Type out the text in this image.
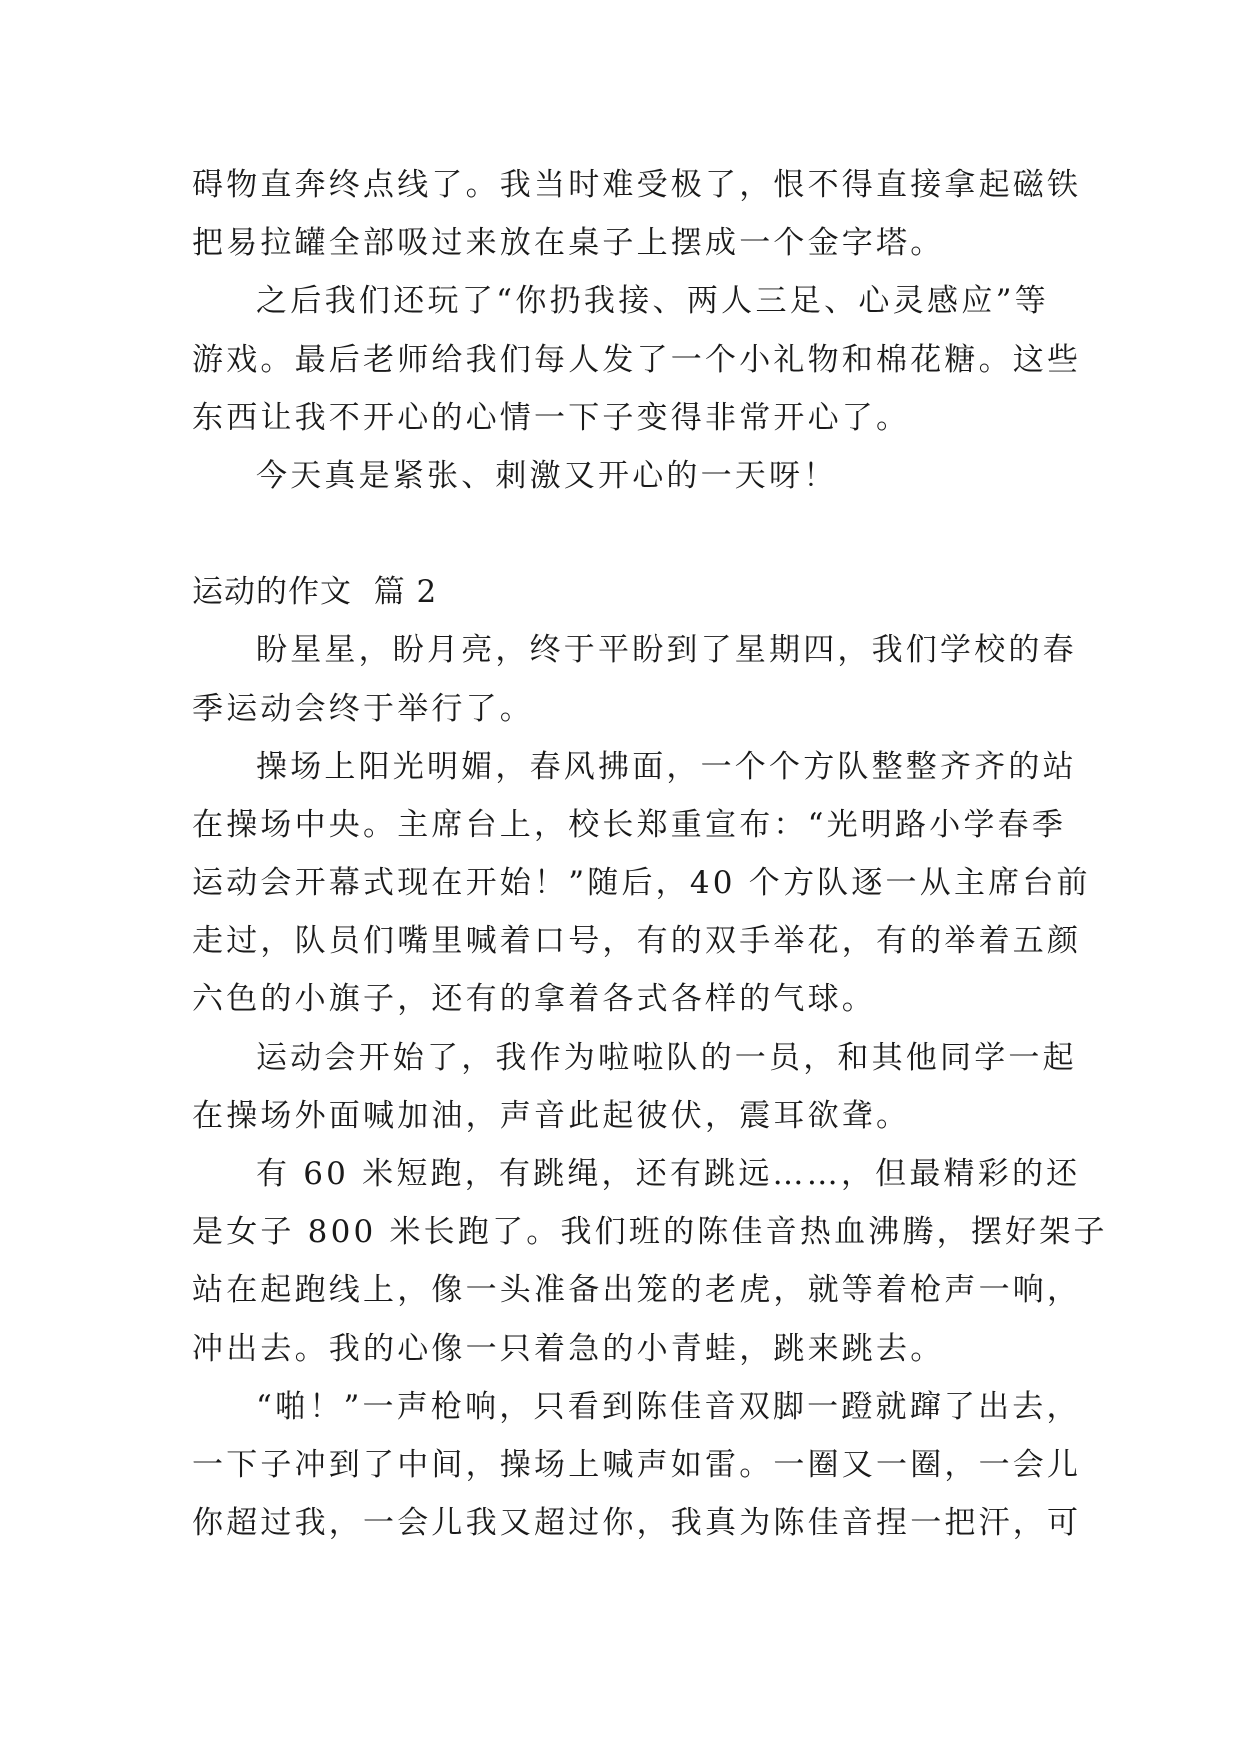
碍物直奔终点线了。我当时难受极了，恨不得直接拿起磁铁
把易拉罐全部吸过来放在桌子上摆成一个金字塔。
之后我们还玩了“你扔我接、两人三足、心灵感应”等
游戏。最后老师给我们每人发了一个小礼物和棉花糖。这些
东西让我不开心的心情一下子变得非常开心了。
今天真是紧张、刺激又开心的一天呀！
运动的作文  篇 2
盼星星，盼月亮，终于平盼到了星期四，我们学校的春
季运动会终于举行了。
操场上阳光明媚，春风拂面，一个个方队整整齐齐的站
在操场中央。主席台上，校长郑重宣布：“光明路小学春季
运动会开幕式现在开始！”随后，40 个方队逐一从主席台前
走过，队员们嘴里喊着口号，有的双手举花，有的举着五颜
六色的小旗子，还有的拿着各式各样的气球。
运动会开始了，我作为啦啦队的一员，和其他同学一起
在操场外面喊加油，声音此起彼伏，震耳欲聋。
有 60 米短跑，有跳绳，还有跳远……，但最精彩的还
是女子 800 米长跑了。我们班的陈佳音热血沸腾，摆好架子
站在起跑线上，像一头准备出笼的老虎，就等着枪声一响，
冲出去。我的心像一只着急的小青蛙，跳来跳去。
“啪！”一声枪响，只看到陈佳音双脚一蹬就蹿了出去，
一下子冲到了中间，操场上喊声如雷。一圈又一圈，一会儿
你超过我，一会儿我又超过你，我真为陈佳音捏一把汗，可
